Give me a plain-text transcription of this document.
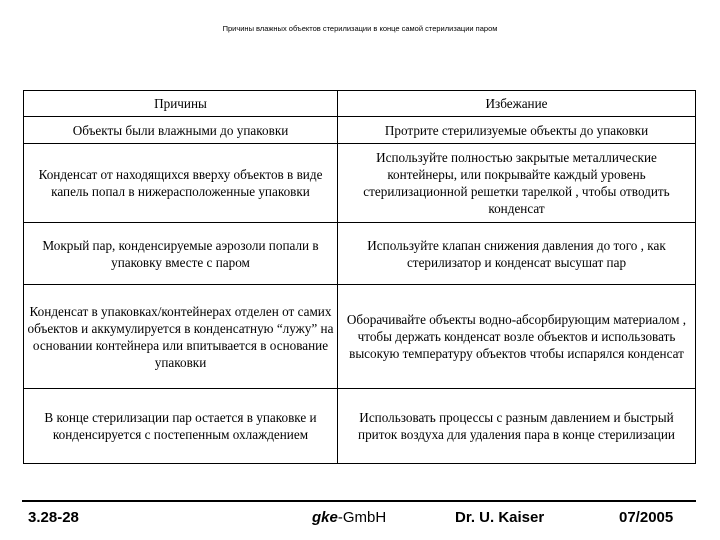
Причины влажных объектов стерилизации в конце самой стерилизации паром
Причины	Избежание
Объекты были влажными до упаковки	Протрите стерилизуемые объекты до упаковки
Конденсат от находящихся вверху объектов в виде капель попал в нижерасположенные упаковки	Используйте полностью закрытые металлические контейнеры, или покрывайте каждый уровень стерилизационной решетки тарелкой , чтобы отводить конденсат
Мокрый пар, конденсируемые аэрозоли попали в упаковку вместе с паром	Используйте клапан снижения давления до того , как стерилизатор и конденсат высушат пар
Конденсат в упаковках/контейнерах отделен от самих объектов и аккумулируется в конденсатную “лужу” на основании контейнера или впитывается в основание упаковки	Оборачивайте объекты водно-абсорбирующим материалом , чтобы держать конденсат возле объектов и использовать высокую температуру объектов чтобы испарялся конденсат
В конце стерилизации пар остается в упаковке и конденсируется с постепенным охлаждением	Использовать процессы с разным давлением и быстрый приток воздуха для удаления пара в конце стерилизации
3.28-28	gke-GmbH	Dr. U. Kaiser	07/2005
